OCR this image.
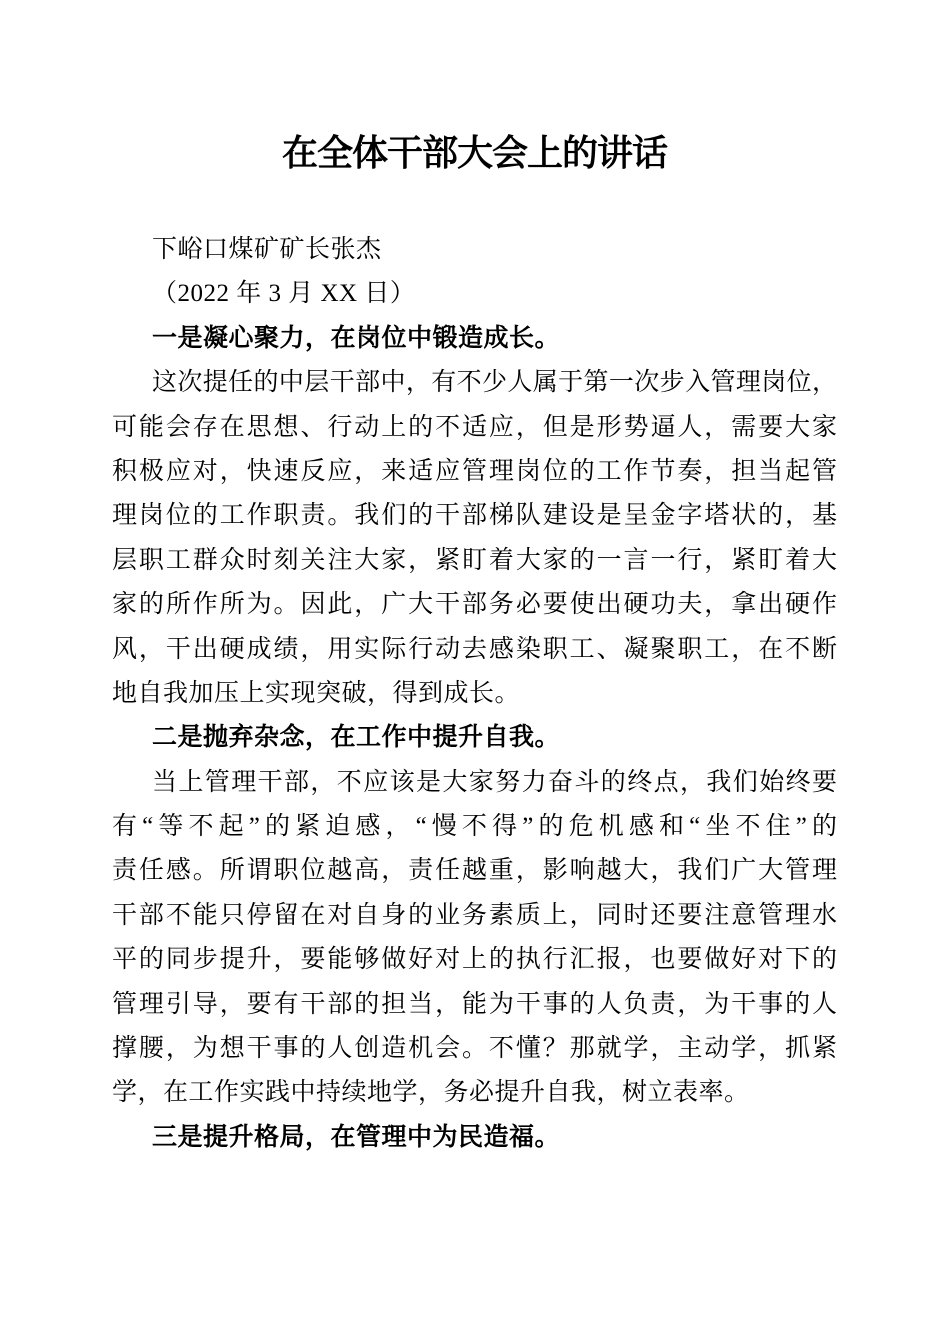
在全体干部大会上的讲话
下峪口煤矿矿长张杰
（2022 年 3 月 XX 日）
一是凝心聚力，在岗位中锻造成长。
这次提任的中层干部中，有不少人属于第一次步入管理岗位，
可能会存在思想、行动上的不适应，但是形势逼人，需要大家
积极应对，快速反应，来适应管理岗位的工作节奏，担当起管
理岗位的工作职责。我们的干部梯队建设是呈金字塔状的，基
层职工群众时刻关注大家，紧盯着大家的一言一行，紧盯着大
家的所作所为。因此，广大干部务必要使出硬功夫，拿出硬作
风，干出硬成绩，用实际行动去感染职工、凝聚职工，在不断
地自我加压上实现突破，得到成长。
二是抛弃杂念，在工作中提升自我。
当上管理干部，不应该是大家努力奋斗的终点，我们始终要
有“等不起”的紧迫感，“慢不得”的危机感和“坐不住”的
责任感。所谓职位越高，责任越重，影响越大，我们广大管理
干部不能只停留在对自身的业务素质上，同时还要注意管理水
平的同步提升，要能够做好对上的执行汇报，也要做好对下的
管理引导，要有干部的担当，能为干事的人负责，为干事的人
撑腰，为想干事的人创造机会。不懂？那就学，主动学，抓紧
学，在工作实践中持续地学，务必提升自我，树立表率。
三是提升格局，在管理中为民造福。
